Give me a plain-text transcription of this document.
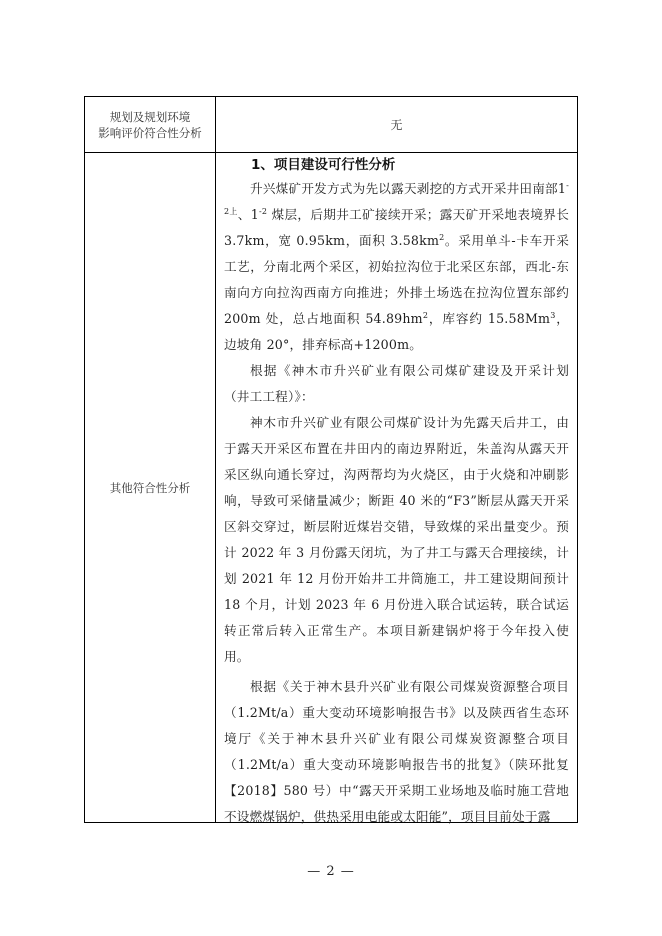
规划及规划环境
影响评价符合性分析
无
其他符合性分析
1、项目建设可行性分析

升兴煤矿开发方式为先以露天剥挖的方式开采井田南部$1^{-2上}$、$1^{-2}$ 煤层，后期井工矿接续开采；露天矿开采地表境界长 3.7km，宽 0.95km，面积 $3.58km^2$。采用单斗-卡车开采工艺，分南北两个采区，初始拉沟位于北采区东部，西北-东南向方向拉沟西南方向推进；外排土场选在拉沟位置东部约 200m 处，总占地面积 $54.89hm^2$，库容约 15.58Mm$^3$，边坡角 20°，排弃标高+1200m。

根据《神木市升兴矿业有限公司煤矿建设及开采计划（井工工程）》：

神木市升兴矿业有限公司煤矿设计为先露天后井工，由于露天开采区布置在井田内的南边界附近，朱盖沟从露天开采区纵向通长穿过，沟两帮均为火烧区，由于火烧和冲刷影响，导致可采储量减少；断距 40 米的“F3”断层从露天开采区斜交穿过，断层附近煤岩交错，导致煤的采出量变少。预计 2022 年 3 月份露天闭坑，为了井工与露天合理接续，计划 2021 年 12 月份开始井工井筒施工，井工建设期间预计 18 个月，计划 2023 年 6 月份进入联合试运转，联合试运转正常后转入正常生产。本项目新建锅炉将于今年投入使用。

根据《关于神木县升兴矿业有限公司煤炭资源整合项目（1.2Mt/a）重大变动环境影响报告书》以及陕西省生态环境厅《关于神木县升兴矿业有限公司煤炭资源整合项目（1.2Mt/a）重大变动环境影响报告书的批复》（陕环批复【2018】580 号）中“露天开采期工业场地及临时施工营地不设燃煤锅炉，供热采用电能或太阳能”，项目目前处于露

— 2 —
